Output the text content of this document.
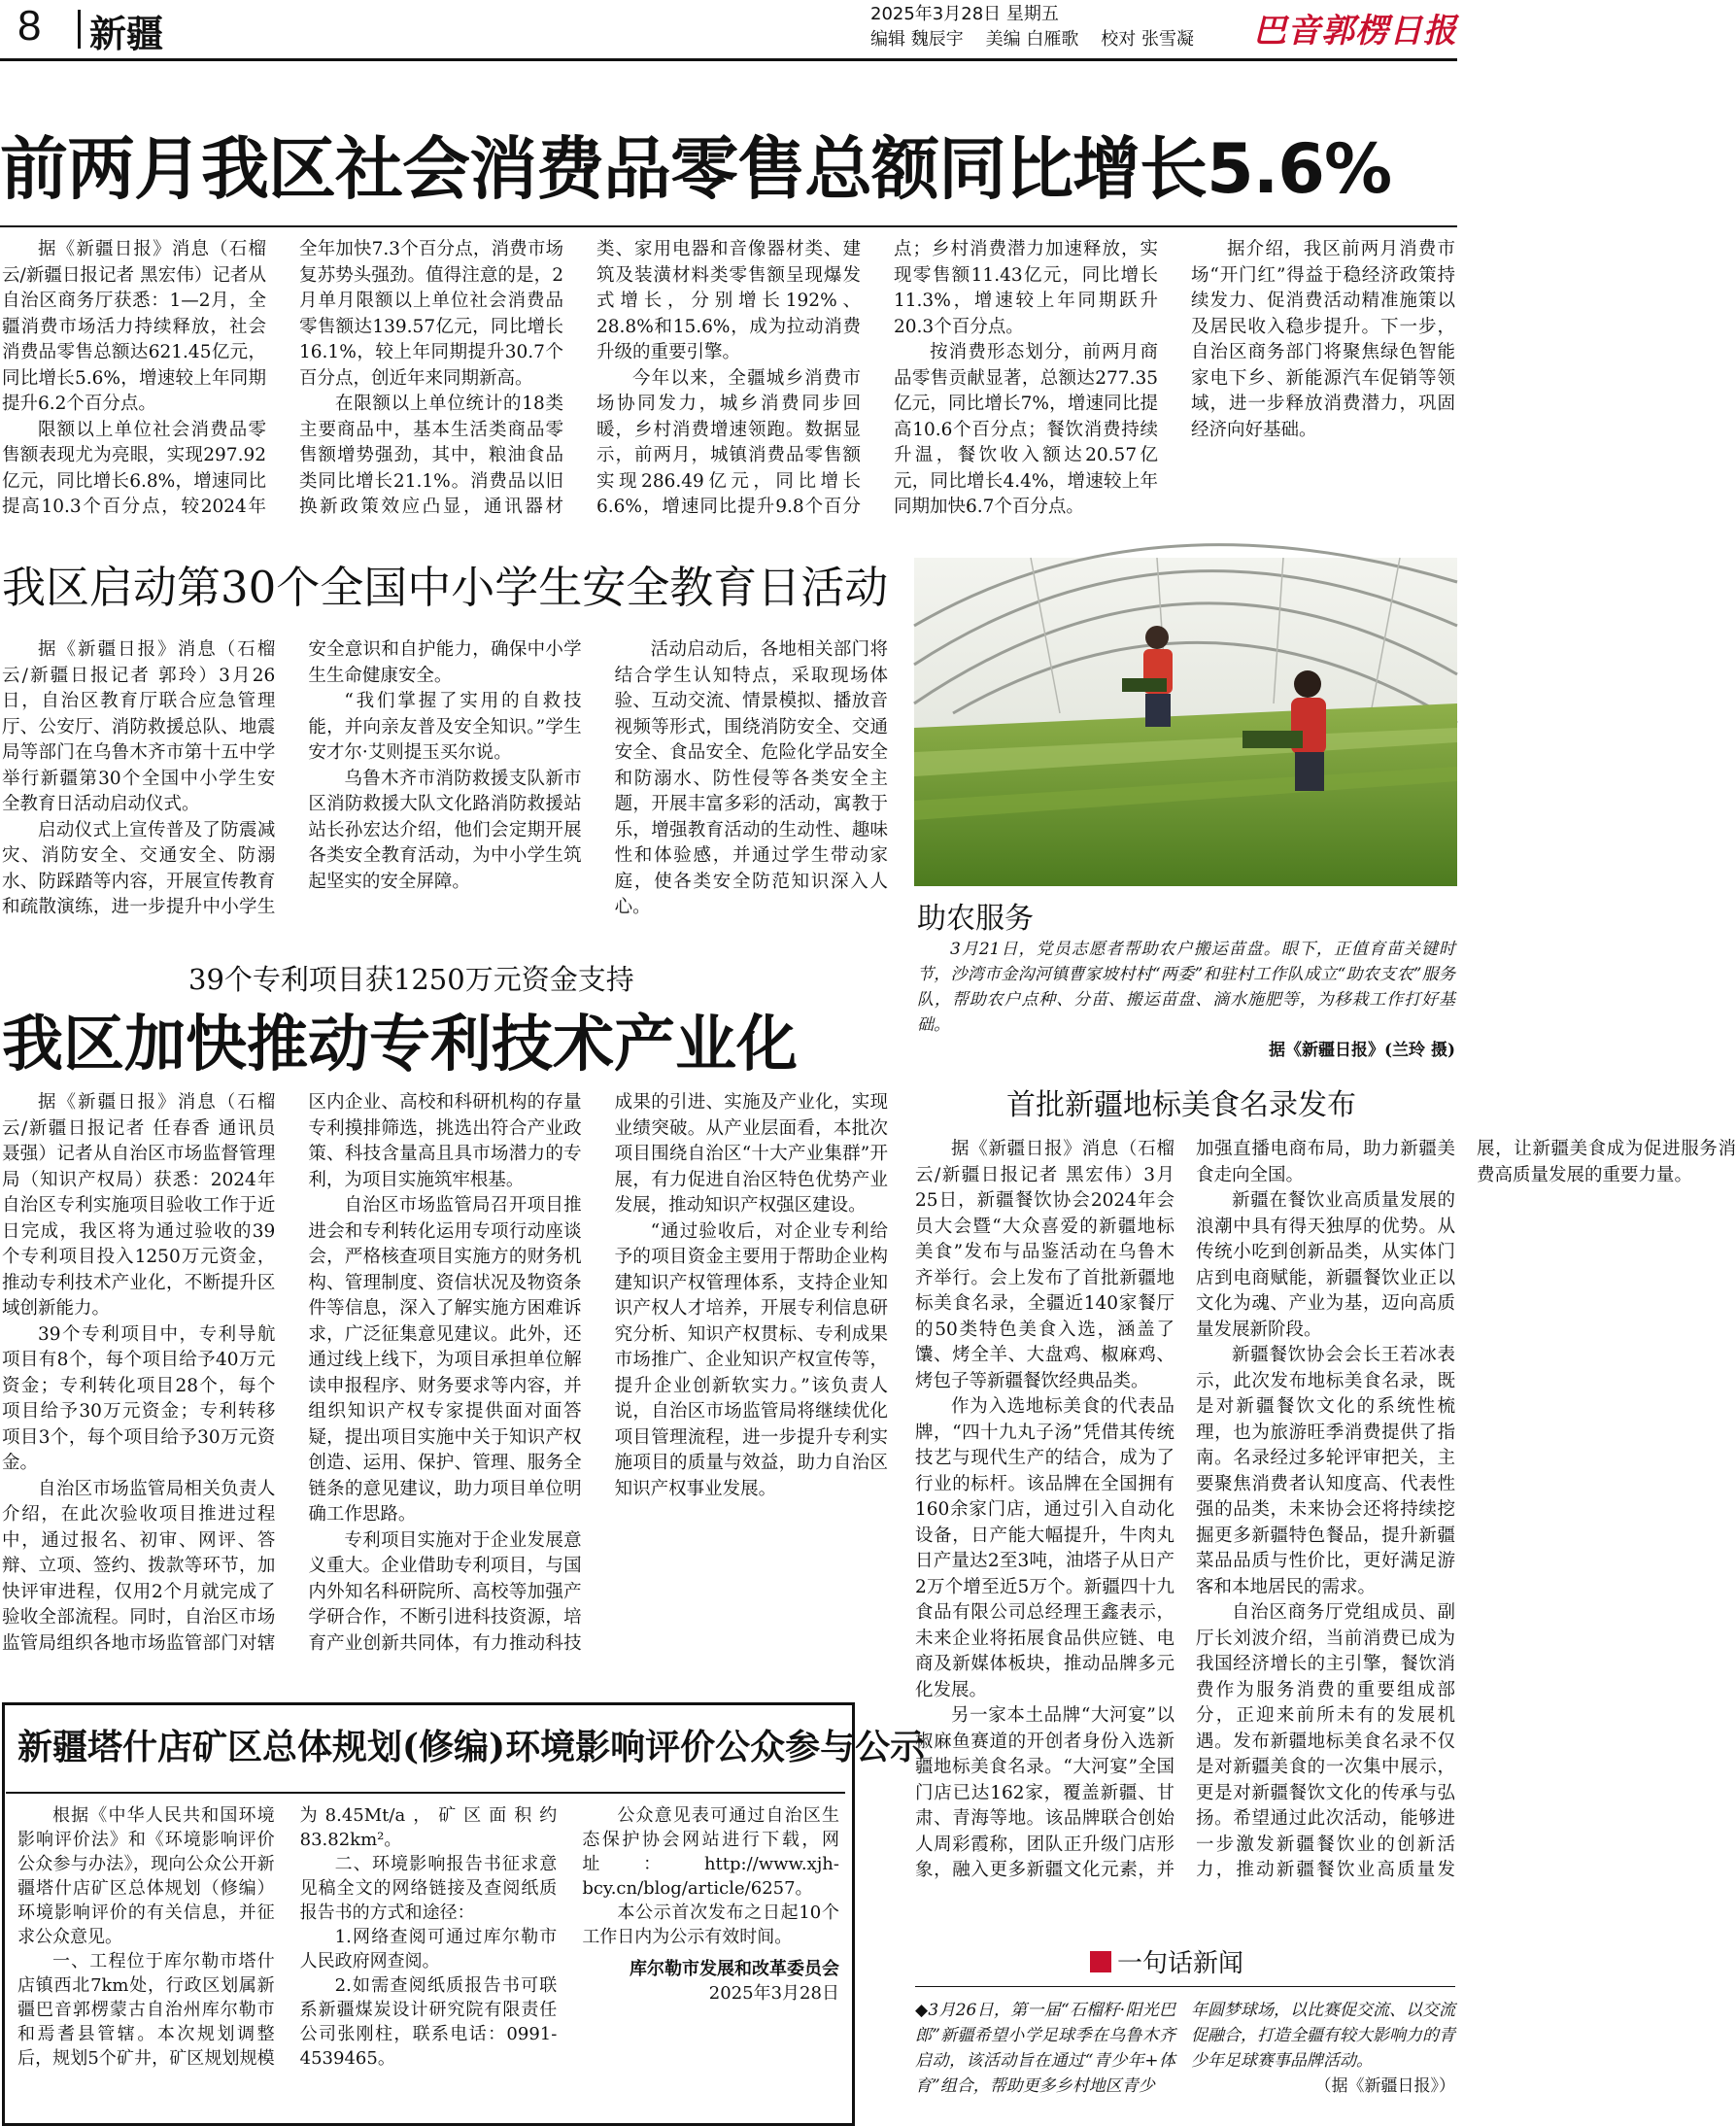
8 新疆	2025年3月28日 星期五
编辑 魏辰宇 美编 白雁歌 校对 张雪凝 巴音郭楞日报
前两月我区社会消费品零售总额同比增长5.6%

据《新疆日报》消息（石榴云/新疆日报记者 黑宏伟）记者从自治区商务厅获悉：1—2月，全疆消费市场活力持续释放，社会消费品零售总额达621.45亿元，同比增长5.6%，增速较上年同期提升6.2个百分点。

限额以上单位社会消费品零售额表现尤为亮眼，实现297.92亿元，同比增长6.8%，增速同比提高10.3个百分点，较2024年全年加快7.3个百分点，消费市场复苏势头强劲。值得注意的是，2月单月限额以上单位社会消费品零售额达139.57亿元，同比增长16.1%，较上年同期提升30.7个百分点，创近年来同期新高。

在限额以上单位统计的18类主要商品中，基本生活类商品零售额增势强劲，其中，粮油食品类同比增长21.1%。消费品以旧换新政策效应凸显，通讯器材类、家用电器和音像器材类、建筑及装潢材料类零售额呈现爆发式增长，分别增长192%、28.8%和15.6%，成为拉动消费升级的重要引擎。

今年以来，全疆城乡消费市场协同发力，城乡消费同步回暖，乡村消费增速领跑。数据显示，前两月，城镇消费品零售额实现286.49亿元，同比增长6.6%，增速同比提升9.8个百分点；乡村消费潜力加速释放，实现零售额11.43亿元，同比增长11.3%，增速较上年同期跃升20.3个百分点。

按消费形态划分，前两月商品零售贡献显著，总额达277.35亿元，同比增长7%，增速同比提高10.6个百分点；餐饮消费持续升温，餐饮收入额达20.57亿元，同比增长4.4%，增速较上年同期加快6.7个百分点。

据介绍，我区前两月消费市场“开门红”得益于稳经济政策持续发力、促消费活动精准施策以及居民收入稳步提升。下一步，自治区商务部门将聚焦绿色智能家电下乡、新能源汽车促销等领域，进一步释放消费潜力，巩固经济向好基础。

我区启动第30个全国中小学生安全教育日活动

据《新疆日报》消息（石榴云/新疆日报记者 郭玲）3月26日，自治区教育厅联合应急管理厅、公安厅、消防救援总队、地震局等部门在乌鲁木齐市第十五中学举行新疆第30个全国中小学生安全教育日活动启动仪式。

启动仪式上宣传普及了防震减灾、消防安全、交通安全、防溺水、防踩踏等内容，开展宣传教育和疏散演练，进一步提升中小学生安全意识和自护能力，确保中小学生生命健康安全。

“我们掌握了实用的自救技能，并向亲友普及安全知识。”学生安才尔·艾则提玉买尔说。

乌鲁木齐市消防救援支队新市区消防救援大队文化路消防救援站站长孙宏达介绍，他们会定期开展各类安全教育活动，为中小学生筑起坚实的安全屏障。

活动启动后，各地相关部门将结合学生认知特点，采取现场体验、互动交流、情景模拟、播放音视频等形式，围绕消防安全、交通安全、食品安全、危险化学品安全和防溺水、防性侵等各类安全主题，开展丰富多彩的活动，寓教于乐，增强教育活动的生动性、趣味性和体验感，并通过学生带动家庭，使各类安全防范知识深入人心。	助农服务

3月21日，党员志愿者帮助农户搬运苗盘。眼下，正值育苗关键时节，沙湾市金沟河镇曹家坡村村“两委”和驻村工作队成立“助农支农”服务队，帮助农户点种、分苗、搬运苗盘、滴水施肥等，为移栽工作打好基础。

据《新疆日报》(兰玲 摄)

39个专利项目获1250万元资金支持
我区加快推动专利技术产业化

据《新疆日报》消息（石榴云/新疆日报记者 任春香 通讯员 聂强）记者从自治区市场监督管理局（知识产权局）获悉：2024年自治区专利实施项目验收工作于近日完成，我区将为通过验收的39个专利项目投入1250万元资金，推动专利技术产业化，不断提升区域创新能力。

39个专利项目中，专利导航项目有8个，每个项目给予40万元资金；专利转化项目28个，每个项目给予30万元资金；专利转移项目3个，每个项目给予30万元资金。

自治区市场监管局相关负责人介绍，在此次验收项目推进过程中，通过报名、初审、网评、答辩、立项、签约、拨款等环节，加快评审进程，仅用2个月就完成了验收全部流程。同时，自治区市场监管局组织各地市场监管部门对辖区内企业、高校和科研机构的存量专利摸排筛选，挑选出符合产业政策、科技含量高且具市场潜力的专利，为项目实施筑牢根基。

自治区市场监管局召开项目推进会和专利转化运用专项行动座谈会，严格核查项目实施方的财务机构、管理制度、资信状况及物资条件等信息，深入了解实施方困难诉求，广泛征集意见建议。此外，还通过线上线下，为项目承担单位解读申报程序、财务要求等内容，并组织知识产权专家提供面对面答疑，提出项目实施中关于知识产权创造、运用、保护、管理、服务全链条的意见建议，助力项目单位明确工作思路。

专利项目实施对于企业发展意义重大。企业借助专利项目，与国内外知名科研院所、高校等加强产学研合作，不断引进科技资源，培育产业创新共同体，有力推动科技成果的引进、实施及产业化，实现业绩突破。从产业层面看，本批次项目围绕自治区“十大产业集群”开展，有力促进自治区特色优势产业发展，推动知识产权强区建设。

“通过验收后，对企业专利给予的项目资金主要用于帮助企业构建知识产权管理体系，支持企业知识产权人才培养，开展专利信息研究分析、知识产权贯标、专利成果市场推广、企业知识产权宣传等，提升企业创新软实力。”该负责人说，自治区市场监管局将继续优化项目管理流程，进一步提升专利实施项目的质量与效益，助力自治区知识产权事业发展。

首批新疆地标美食名录发布

据《新疆日报》消息（石榴云/新疆日报记者 黑宏伟）3月25日，新疆餐饮协会2024年会员大会暨“大众喜爱的新疆地标美食”发布与品鉴活动在乌鲁木齐举行。会上发布了首批新疆地标美食名录，全疆近140家餐厅的50类特色美食入选，涵盖了馕、烤全羊、大盘鸡、椒麻鸡、烤包子等新疆餐饮经典品类。

作为入选地标美食的代表品牌，“四十九丸子汤”凭借其传统技艺与现代生产的结合，成为了行业的标杆。该品牌在全国拥有160余家门店，通过引入自动化设备，日产能大幅提升，牛肉丸日产量达2至3吨，油塔子从日产2万个增至近5万个。新疆四十九食品有限公司总经理王鑫表示，未来企业将拓展食品供应链、电商及新媒体板块，推动品牌多元化发展。

另一家本土品牌“大河宴”以椒麻鱼赛道的开创者身份入选新疆地标美食名录。“大河宴”全国门店已达162家，覆盖新疆、甘肃、青海等地。该品牌联合创始人周彩霞称，团队正升级门店形象，融入更多新疆文化元素，并加强直播电商布局，助力新疆美食走向全国。

新疆在餐饮业高质量发展的浪潮中具有得天独厚的优势。从传统小吃到创新品类，从实体门店到电商赋能，新疆餐饮业正以文化为魂、产业为基，迈向高质量发展新阶段。

新疆餐饮协会会长王若冰表示，此次发布地标美食名录，既是对新疆餐饮文化的系统性梳理，也为旅游旺季消费提供了指南。名录经过多轮评审把关，主要聚焦消费者认知度高、代表性强的品类，未来协会还将持续挖掘更多新疆特色餐品，提升新疆菜品品质与性价比，更好满足游客和本地居民的需求。

自治区商务厅党组成员、副厅长刘波介绍，当前消费已成为我国经济增长的主引擎，餐饮消费作为服务消费的重要组成部分，正迎来前所未有的发展机遇。发布新疆地标美食名录不仅是对新疆美食的一次集中展示，更是对新疆餐饮文化的传承与弘扬。希望通过此次活动，能够进一步激发新疆餐饮业的创新活力，推动新疆餐饮业高质量发展，让新疆美食成为促进服务消费高质量发展的重要力量。

新疆塔什店矿区总体规划(修编)环境影响评价公众参与公示

根据《中华人民共和国环境影响评价法》和《环境影响评价公众参与办法》，现向公众公开新疆塔什店矿区总体规划（修编）环境影响评价的有关信息，并征求公众意见。

一、工程位于库尔勒市塔什店镇西北7km处，行政区划属新疆巴音郭楞蒙古自治州库尔勒市和焉耆县管辖。本次规划调整后，规划5个矿井，矿区规划规模为8.45Mt/a，矿区面积约83.82km²。

二、环境影响报告书征求意见稿全文的网络链接及查阅纸质报告书的方式和途径：

1.网络查阅可通过库尔勒市人民政府网查阅。

2.如需查阅纸质报告书可联系新疆煤炭设计研究院有限责任公司张刚柱，联系电话：0991-4539465。

公众意见表可通过自治区生态保护协会网站进行下载，网址：http://www.xjh-bcy.cn/blog/article/6257。

本公示首次发布之日起10个工作日内为公示有效时间。

库尔勒市发展和改革委员会

2025年3月28日

一句话新闻

◆3月26日，第一届“石榴籽·阳光巴郎”新疆希望小学足球季在乌鲁木齐启动，该活动旨在通过“青少年+体育”组合，帮助更多乡村地区青少

年圆梦球场，以比赛促交流、以交流促融合，打造全疆有较大影响力的青少年足球赛事品牌活动。

（据《新疆日报》）
